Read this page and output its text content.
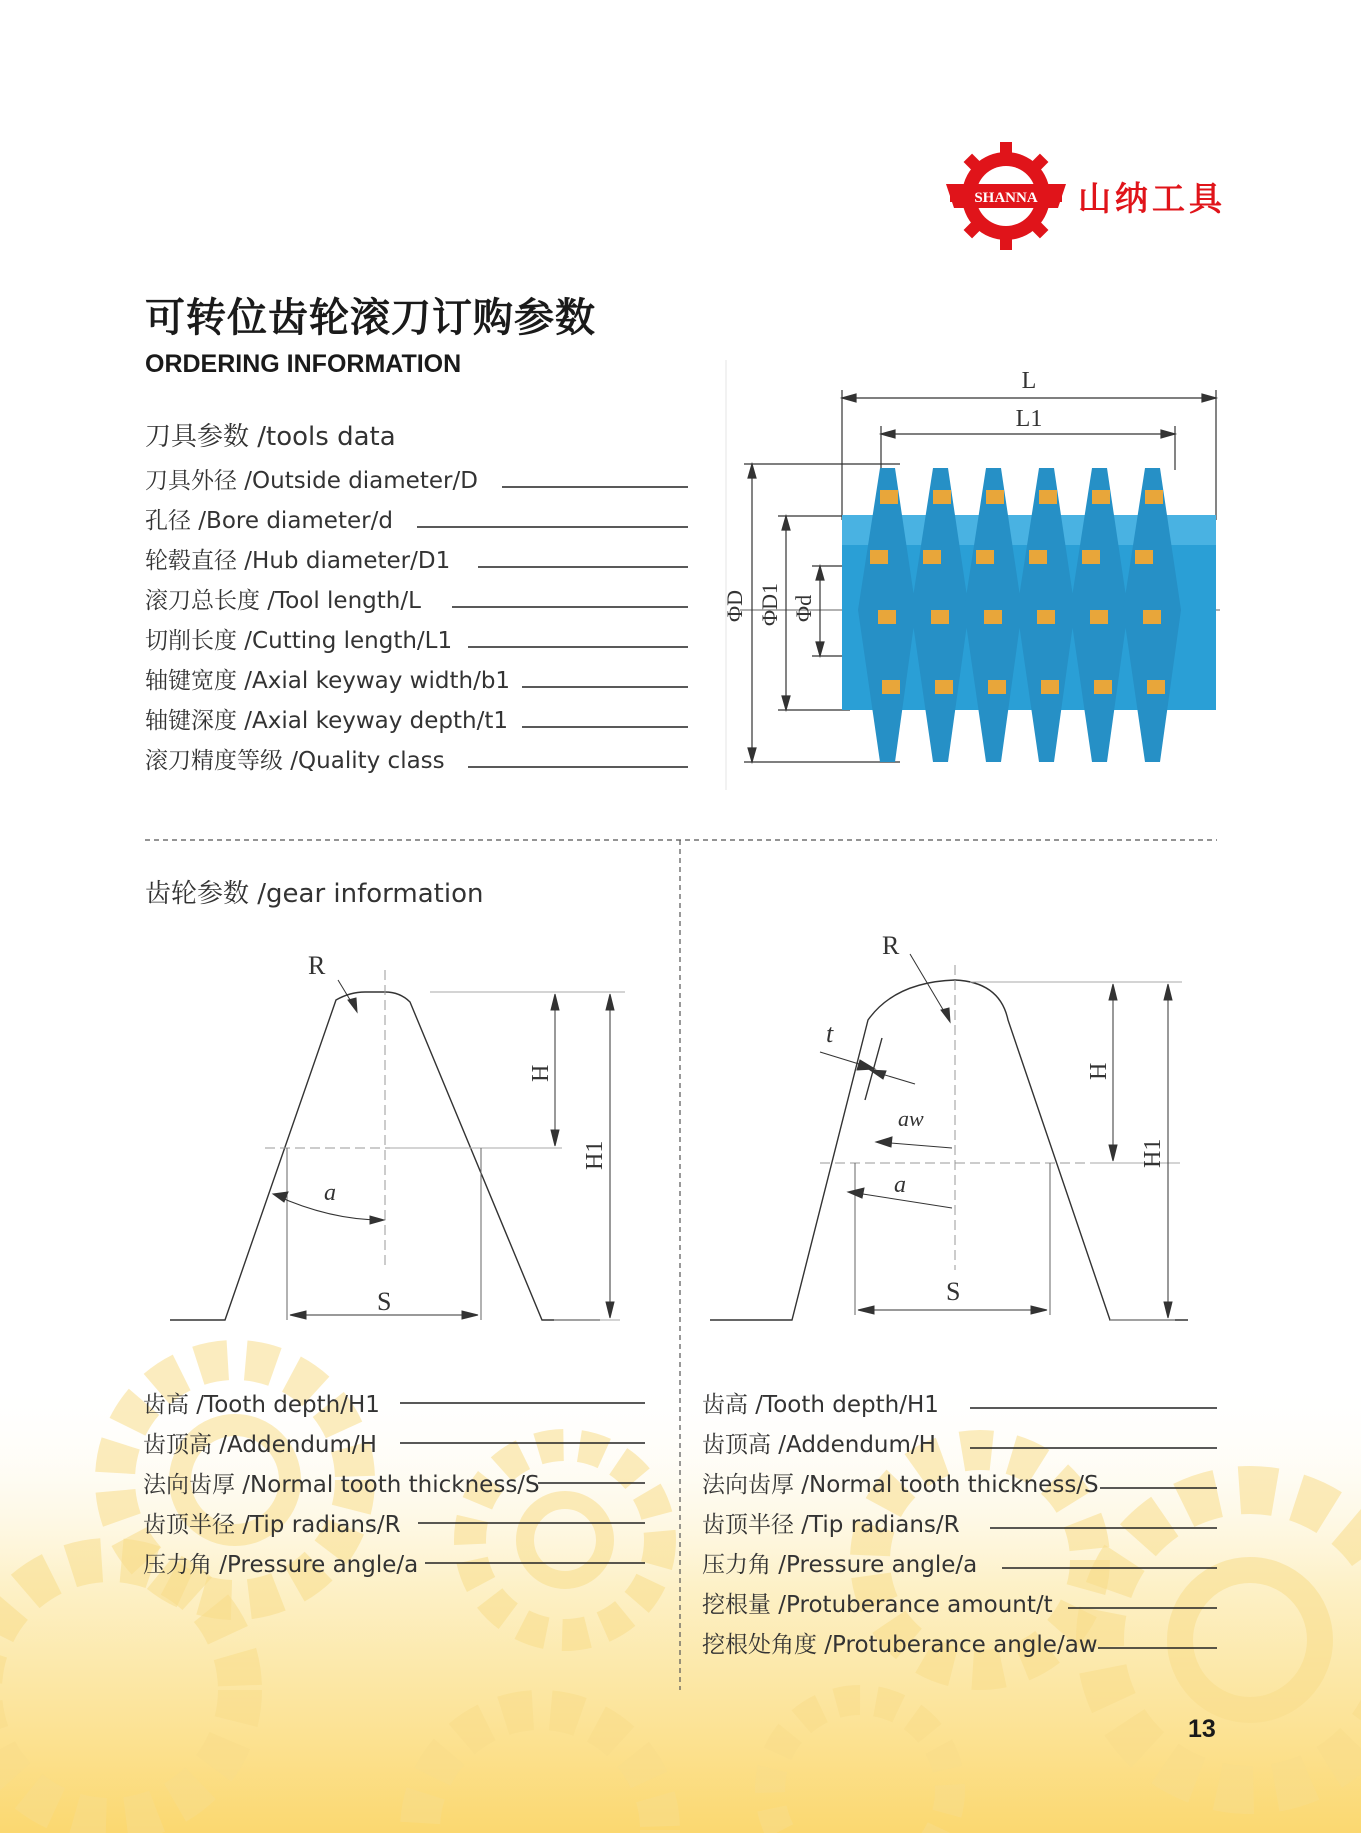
SHANNA 山纳工具
可转位齿轮滚刀订购参数
ORDERING INFORMATION
刀具参数 /tools data
刀具外径 /Outside diameter/D
孔径 /Bore diameter/d
轮毂直径 /Hub diameter/D1
滚刀总长度 /Tool length/L
切削长度 /Cutting length/L1
轴键宽度 /Axial keyway width/b1
轴键深度 /Axial keyway depth/t1
滚刀精度等级 /Quality class
L
L1
ΦD ΦD1 Φd
齿轮参数 /gear information
R
H
H1
a
S
R
t
aw
H
H1
a
S
齿高 /Tooth depth/H1
齿顶高 /Addendum/H
法向齿厚 /Normal tooth thickness/S
齿顶半径 /Tip radians/R
压力角 /Pressure angle/a
齿高 /Tooth depth/H1
齿顶高 /Addendum/H
法向齿厚 /Normal tooth thickness/S
齿顶半径 /Tip radians/R
压力角 /Pressure angle/a
挖根量 /Protuberance amount/t
挖根处角度 /Protuberance angle/aw
13
